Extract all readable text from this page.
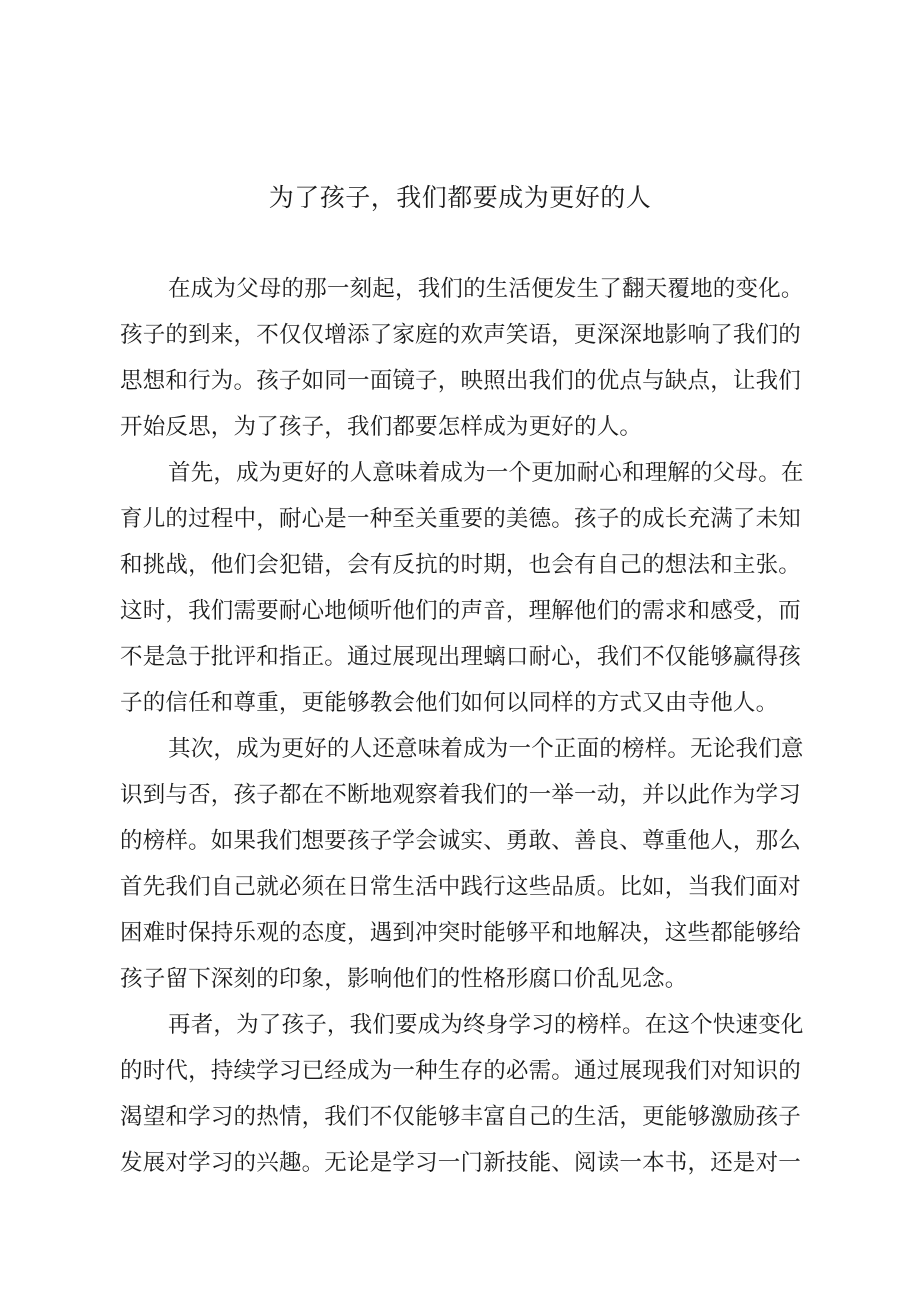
为了孩子，我们都要成为更好的人
在成为父母的那一刻起，我们的生活便发生了翻天覆地的变化。
孩子的到来，不仅仅增添了家庭的欢声笑语，更深深地影响了我们的
思想和行为。孩子如同一面镜子，映照出我们的优点与缺点，让我们
开始反思，为了孩子，我们都要怎样成为更好的人。
首先，成为更好的人意味着成为一个更加耐心和理解的父母。在
育儿的过程中，耐心是一种至关重要的美德。孩子的成长充满了未知
和挑战，他们会犯错，会有反抗的时期，也会有自己的想法和主张。
这时，我们需要耐心地倾听他们的声音，理解他们的需求和感受，而
不是急于批评和指正。通过展现出理螭口耐心，我们不仅能够赢得孩
子的信任和尊重，更能够教会他们如何以同样的方式又由寺他人。
其次，成为更好的人还意味着成为一个正面的榜样。无论我们意
识到与否，孩子都在不断地观察着我们的一举一动，并以此作为学习
的榜样。如果我们想要孩子学会诚实、勇敢、善良、尊重他人，那么
首先我们自己就必须在日常生活中践行这些品质。比如，当我们面对
困难时保持乐观的态度，遇到冲突时能够平和地解决，这些都能够给
孩子留下深刻的印象，影响他们的性格形腐口价乱见念。
再者，为了孩子，我们要成为终身学习的榜样。在这个快速变化
的时代，持续学习已经成为一种生存的必需。通过展现我们对知识的
渴望和学习的热情，我们不仅能够丰富自己的生活，更能够激励孩子
发展对学习的兴趣。无论是学习一门新技能、阅读一本书，还是对一
